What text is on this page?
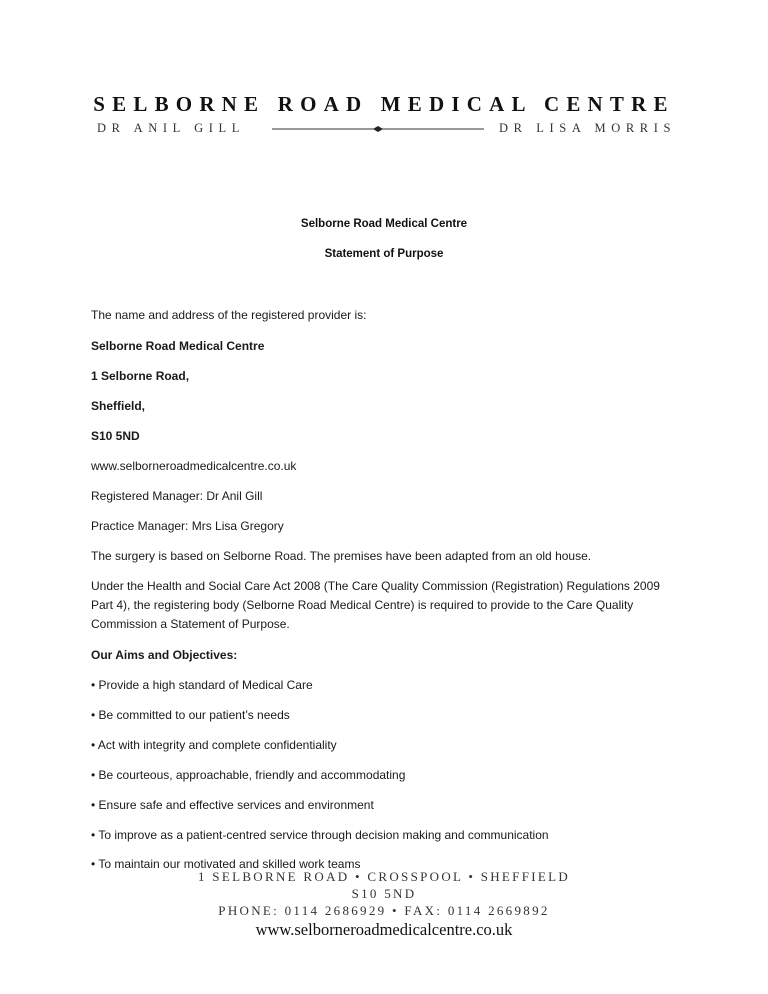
SELBORNE ROAD MEDICAL CENTRE
DR ANIL GILL	DR LISA MORRIS
Selborne Road Medical Centre
Statement of Purpose
The name and address of the registered provider is:
Selborne Road Medical Centre
1 Selborne Road,
Sheffield,
S10 5ND
www.selborneroadmedicalcentre.co.uk
Registered Manager: Dr Anil Gill
Practice Manager: Mrs Lisa Gregory
The surgery is based on Selborne Road. The premises have been adapted from an old house.
Under the Health and Social Care Act 2008 (The Care Quality Commission (Registration) Regulations 2009 Part 4), the registering body (Selborne Road Medical Centre) is required to provide to the Care Quality Commission a Statement of Purpose.
Our Aims and Objectives:
• Provide a high standard of Medical Care
• Be committed to our patient’s needs
• Act with integrity and complete confidentiality
• Be courteous, approachable, friendly and accommodating
• Ensure safe and effective services and environment
• To improve as a patient-centred service through decision making and communication
• To maintain our motivated and skilled work teams
1 SELBORNE ROAD • CROSSPOOL • SHEFFIELD
S10 5ND
PHONE: 0114 2686929 • FAX: 0114 2669892
www.selborneroadmedicalcentre.co.uk
